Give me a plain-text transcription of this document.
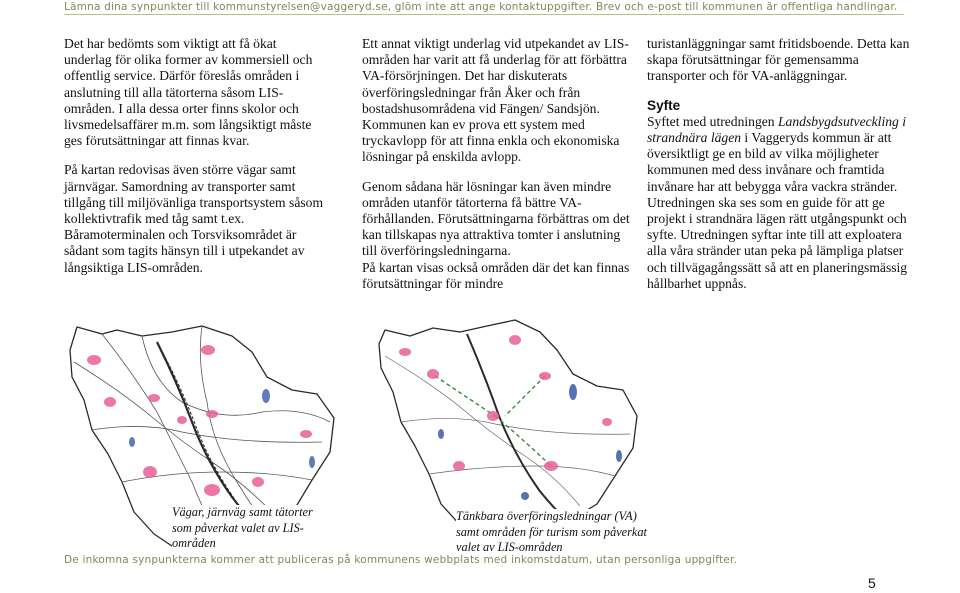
Lämna dina synpunkter till kommunstyrelsen@vaggeryd.se, glöm inte att ange kontaktuppgifter. Brev och e-post till kommunen är offentliga handlingar.

Det har bedömts som viktigt att få ökat underlag för olika former av kommersiell och offentlig service. Därför föreslås områden i anslutning till alla tätorterna såsom LIS-områden. I alla dessa orter finns skolor och livsmedelsaffärer m.m. som långsiktigt måste ges förutsättningar att finnas kvar.

På kartan redovisas även större vägar samt järnvägar. Samordning av transporter samt tillgång till miljövänliga transportsystem såsom kollektivtrafik med tåg samt t.ex. Båramoterminalen och Torsviksområdet är sådant som tagits hänsyn till i utpekandet av långsiktiga LIS-områden.

Ett annat viktigt underlag vid utpekandet av LIS-områden har varit att få underlag för att förbättra VA-försörjningen. Det har diskuterats överföringsledningar från Åker och från bostadshusområdena vid Fängen/ Sandsjön. Kommunen kan ev prova ett system med tryckavlopp för att finna enkla och ekonomiska lösningar på enskilda avlopp.

Genom sådana här lösningar kan även mindre områden utanför tätorterna få bättre VA-förhållanden. Förutsättningarna förbättras om det kan tillskapas nya attraktiva tomter i anslutning till överföringsledningarna.

På kartan visas också områden där det kan finnas förutsättningar för mindre

turistanläggningar samt fritidsboende. Detta kan skapa förutsättningar för gemensamma transporter och för VA-anläggningar.

Syfte

Syftet med utredningen Landsbygdsutveckling i strandnära lägen i Vaggeryds kommun är att översiktligt ge en bild av vilka möjligheter kommunen med dess invånare och framtida invånare har att bebygga våra vackra stränder. Utredningen ska ses som en guide för att ge projekt i strandnära lägen rätt utgångspunkt och syfte. Utredningen syftar inte till att exploatera alla våra stränder utan peka på lämpliga platser och tillvägagångssätt så att en planeringsmässig hållbarhet uppnås.

Vägar, järnväg samt tätorter som påverkat valet av LIS-områden
Tänkbara överföringsledningar (VA) samt områden för turism som påverkat valet av LIS-områden
De inkomna synpunkterna kommer att publiceras på kommunens webbplats med inkomstdatum, utan personliga uppgifter.
5
